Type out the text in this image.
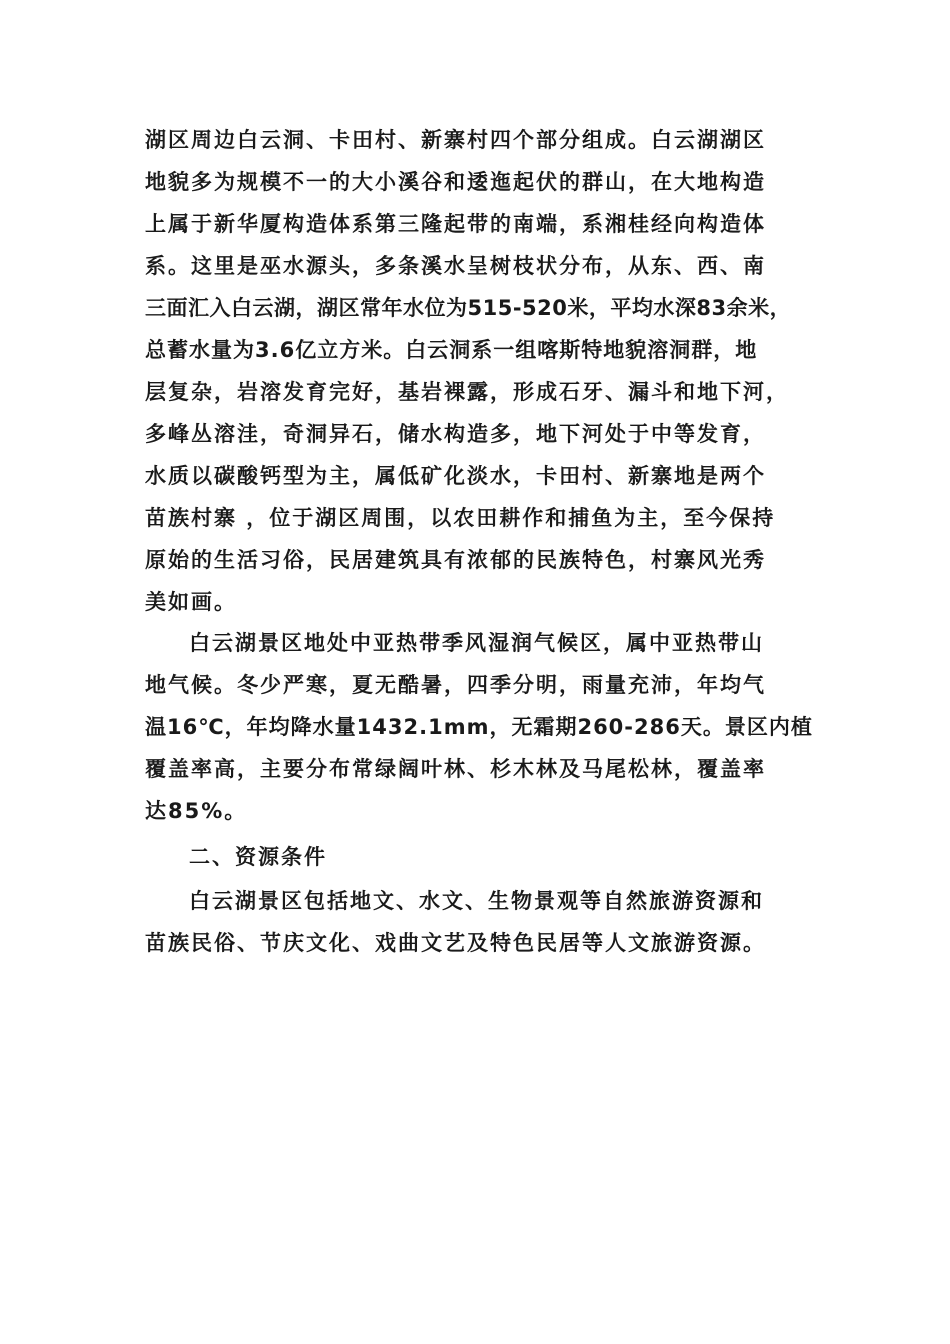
湖区周边白云洞、卡田村、新寨村四个部分组成。白云湖湖区
地貌多为规模不一的大小溪谷和逶迤起伏的群山，在大地构造
上属于新华厦构造体系第三隆起带的南端，系湘桂经向构造体
系。这里是巫水源头，多条溪水呈树枝状分布，从东、西、南
三面汇入白云湖，湖区常年水位为515-520米，平均水深83余米，
总蓄水量为3.6亿立方米。白云洞系一组喀斯特地貌溶洞群，地
层复杂，岩溶发育完好，基岩裸露，形成石牙、漏斗和地下河，
多峰丛溶洼，奇洞异石，储水构造多，地下河处于中等发育，
水质以碳酸钙型为主，属低矿化淡水，卡田村、新寨地是两个
苗族村寨 ，位于湖区周围，以农田耕作和捕鱼为主，至今保持
原始的生活习俗，民居建筑具有浓郁的民族特色，村寨风光秀
美如画。
白云湖景区地处中亚热带季风湿润气候区，属中亚热带山
地气候。冬少严寒，夏无酷暑，四季分明，雨量充沛，年均气
温16℃，年均降水量1432.1mm，无霜期260-286天。景区内植
覆盖率高，主要分布常绿阔叶林、杉木林及马尾松林，覆盖率
达85%。
二、资源条件
白云湖景区包括地文、水文、生物景观等自然旅游资源和
苗族民俗、节庆文化、戏曲文艺及特色民居等人文旅游资源。
